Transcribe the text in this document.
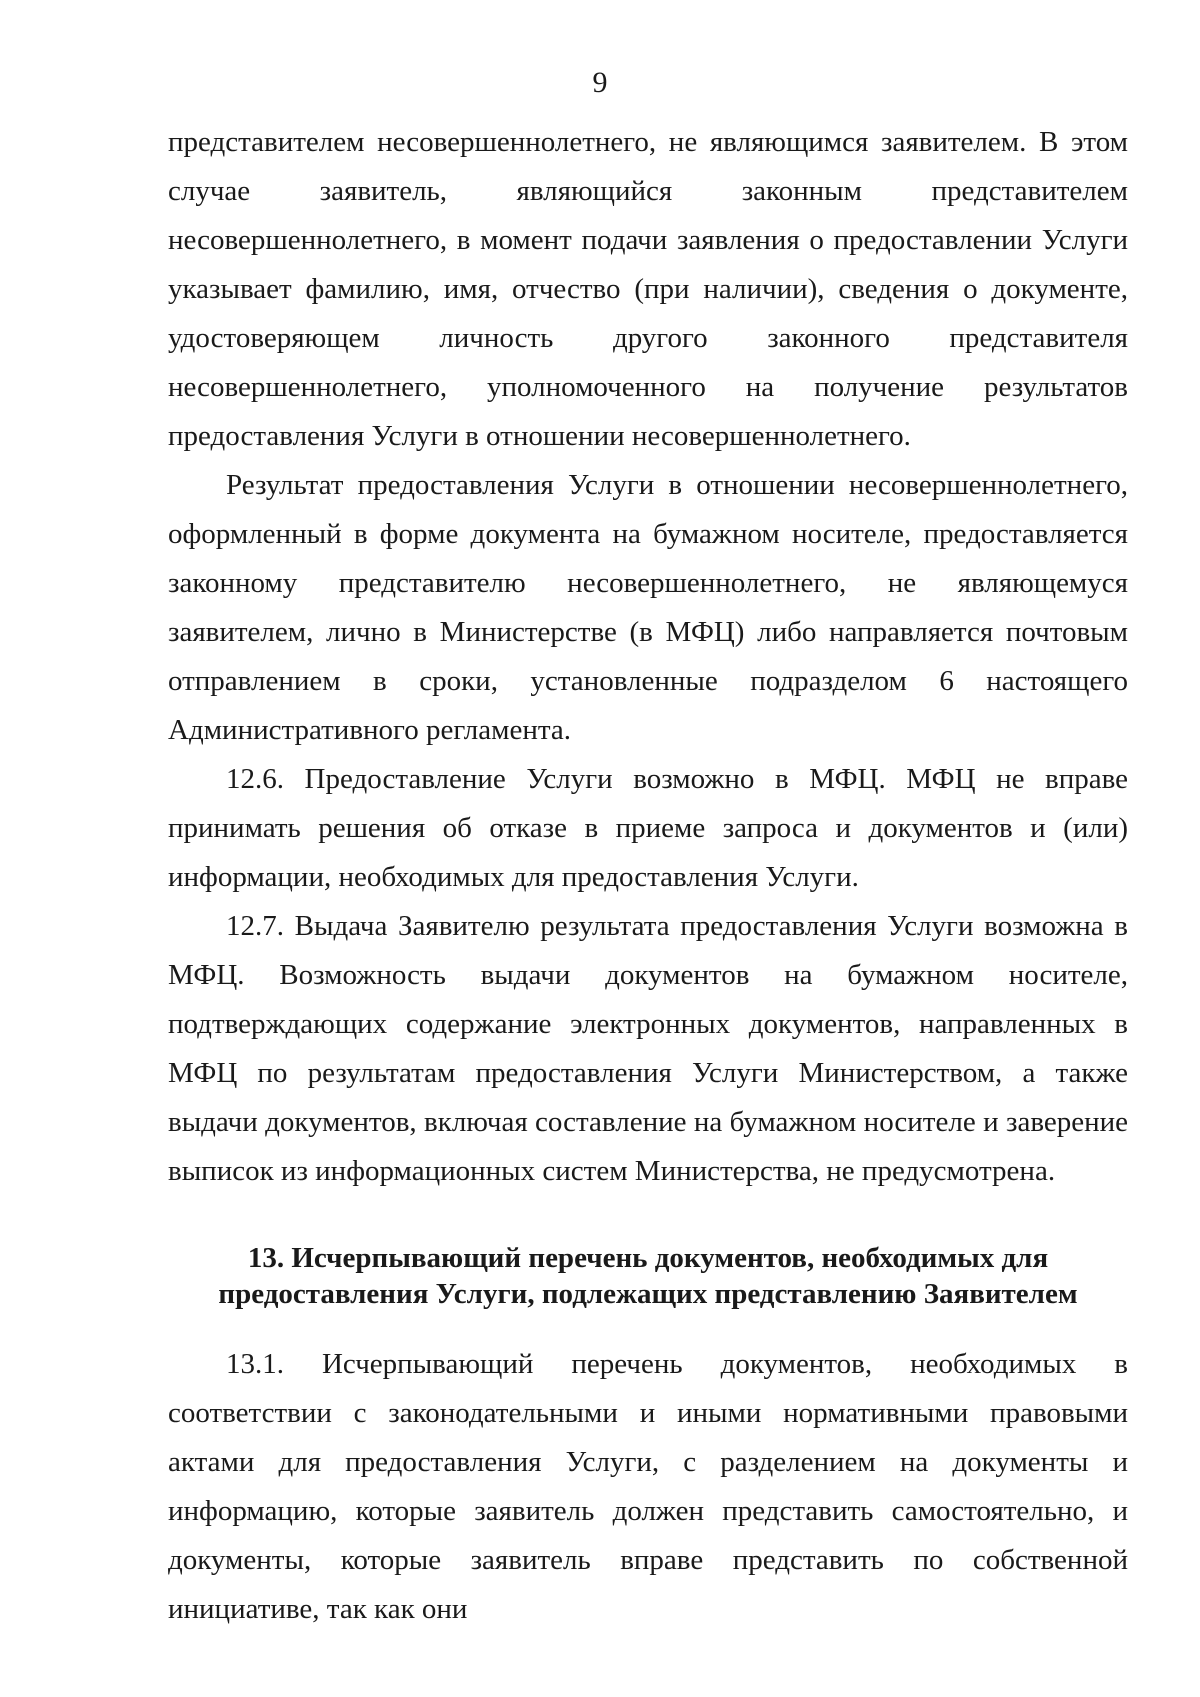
9

представителем несовершеннолетнего, не являющимся заявителем. В этом случае заявитель, являющийся законным представителем несовершеннолетнего, в момент подачи заявления о предоставлении Услуги указывает фамилию, имя, отчество (при наличии), сведения о документе, удостоверяющем личность другого законного представителя несовершеннолетнего, уполномоченного на получение результатов предоставления Услуги в отношении несовершеннолетнего.

Результат предоставления Услуги в отношении несовершеннолетнего, оформленный в форме документа на бумажном носителе, предоставляется законному представителю несовершеннолетнего, не являющемуся заявителем, лично в Министерстве (в МФЦ) либо направляется почтовым отправлением в сроки, установленные подразделом 6 настоящего Административного регламента.

12.6. Предоставление Услуги возможно в МФЦ. МФЦ не вправе принимать решения об отказе в приеме запроса и документов и (или) информации, необходимых для предоставления Услуги.

12.7. Выдача Заявителю результата предоставления Услуги возможна в МФЦ. Возможность выдачи документов на бумажном носителе, подтверждающих содержание электронных документов, направленных в МФЦ по результатам предоставления Услуги Министерством, а также выдачи документов, включая составление на бумажном носителе и заверение выписок из информационных систем Министерства, не предусмотрена.

13. Исчерпывающий перечень документов, необходимых для
предоставления Услуги, подлежащих представлению Заявителем

13.1. Исчерпывающий перечень документов, необходимых в соответствии с законодательными и иными нормативными правовыми актами для предоставления Услуги, с разделением на документы и информацию, которые заявитель должен представить самостоятельно, и документы, которые заявитель вправе представить по собственной инициативе, так как они
